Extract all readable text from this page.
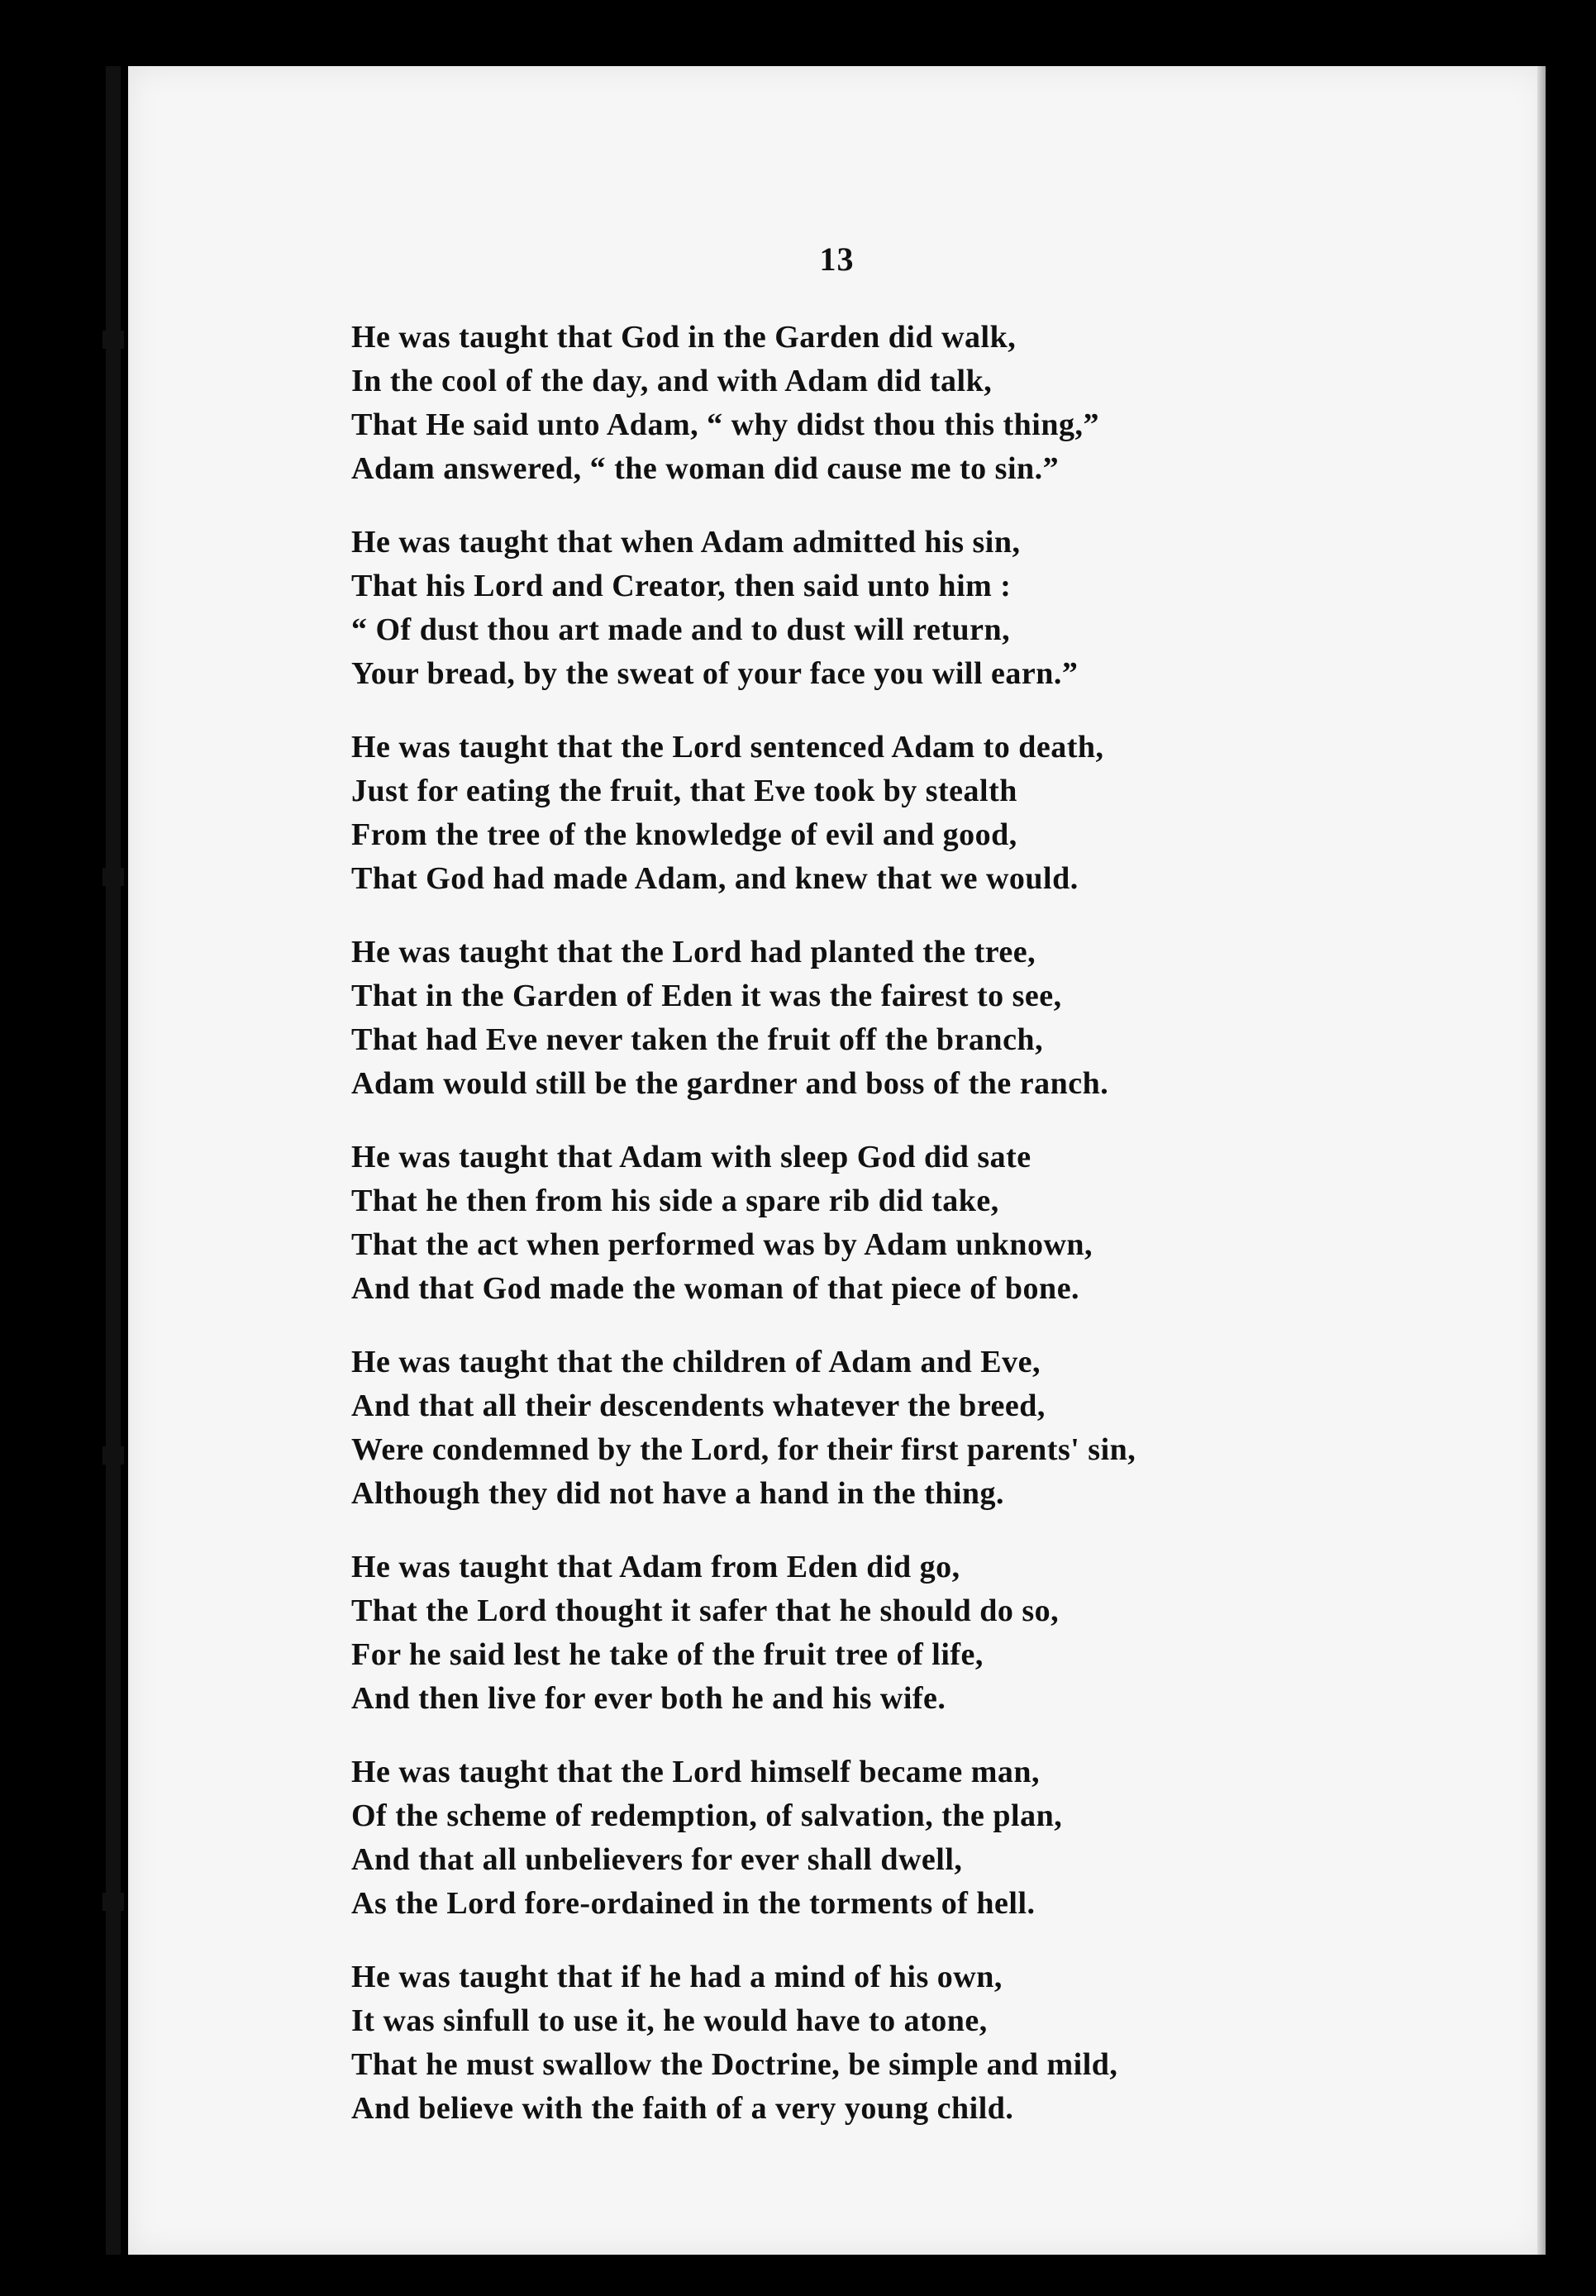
13
He was taught that God in the Garden did walk,
In the cool of the day, and with Adam did talk,
That He said unto Adam, “ why didst thou this thing,”
Adam answered, “ the woman did cause me to sin.”
He was taught that when Adam admitted his sin,
That his Lord and Creator, then said unto him :
“ Of dust thou art made and to dust will return,
Your bread, by the sweat of your face you will earn.”
He was taught that the Lord sentenced Adam to death,
Just for eating the fruit, that Eve took by stealth
From the tree of the knowledge of evil and good,
That God had made Adam, and knew that we would.
He was taught that the Lord had planted the tree,
That in the Garden of Eden it was the fairest to see,
That had Eve never taken the fruit off the branch,
Adam would still be the gardner and boss of the ranch.
He was taught that Adam with sleep God did sate
That he then from his side a spare rib did take,
That the act when performed was by Adam unknown,
And that God made the woman of that piece of bone.
He was taught that the children of Adam and Eve,
And that all their descendents whatever the breed,
Were condemned by the Lord, for their first parents' sin,
Although they did not have a hand in the thing.
He was taught that Adam from Eden did go,
That the Lord thought it safer that he should do so,
For he said lest he take of the fruit tree of life,
And then live for ever both he and his wife.
He was taught that the Lord himself became man,
Of the scheme of redemption, of salvation, the plan,
And that all unbelievers for ever shall dwell,
As the Lord fore-ordained in the torments of hell.
He was taught that if he had a mind of his own,
It was sinfull to use it, he would have to atone,
That he must swallow the Doctrine, be simple and mild,
And believe with the faith of a very young child.
